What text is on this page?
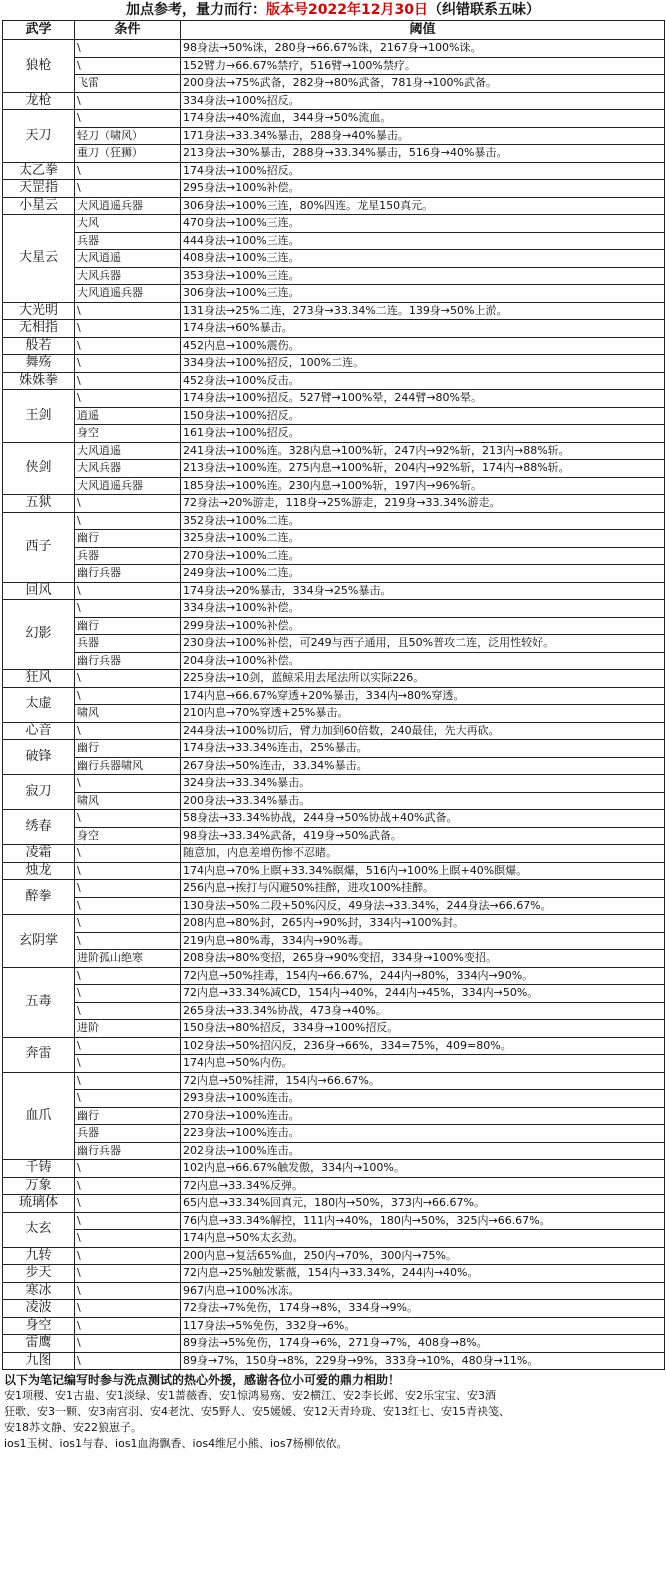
加点参考，量力而行：版本号2022年12月30日（纠错联系五味）
武学	条件	阈值
狼枪	\	98身法→50%诛，280身→66.67%诛，2167身→100%诛。
	\	152臂力→66.67%禁疗，516臂→100%禁疗。
	飞雷	200身法→75%武备，282身→80%武备，781身→100%武备。
龙枪	\	334身法→100%招反。
天刀	\	174身法→40%流血，344身→50%流血。
	轻刀（啸风）	171身法→33.34%暴击，288身→40%暴击。
	重刀（狂狮）	213身法→30%暴击，288身→33.34%暴击，516身→40%暴击。
太乙拳	\	174身法→100%招反。
天罡指	\	295身法→100%补偿。
小星云	大风逍遥兵器	306身法→100%三连，80%四连。龙星150真元。
大星云	大风	470身法→100%三连。
	兵器	444身法→100%三连。
	大风逍遥	408身法→100%三连。
	大风兵器	353身法→100%三连。
	大风逍遥兵器	306身法→100%三连。
大光明	\	131身法→25%二连，273身→33.34%二连。139身→50%上淤。
无相指	\	174身法→60%暴击。
般若	\	452内息→100%震伤。
舞殇	\	334身法→100%招反，100%二连。
姝姝拳	\	452身法→100%反击。
王剑	\	174身法→100%招反。527臂→100%晕，244臂→80%晕。
	逍遥	150身法→100%招反。
	身空	161身法→100%招反。
侠剑	大风逍遥	241身法→100%连。328内息→100%斩，247内→92%斩，213内→88%斩。
	大风兵器	213身法→100%连。275内息→100%斩，204内→92%斩，174内→88%斩。
	大风逍遥兵器	185身法→100%连。230内息→100%斩，197内→96%斩。
五狱	\	72身法→20%游走，118身→25%游走，219身→33.34%游走。
西子	\	352身法→100%二连。
	幽行	325身法→100%二连。
	兵器	270身法→100%二连。
	幽行兵器	249身法→100%二连。
回风	\	174身法→20%暴击，334身→25%暴击。
幻影	\	334身法→100%补偿。
	幽行	299身法→100%补偿。
	兵器	230身法→100%补偿，可249与西子通用，且50%普攻二连，泛用性较好。
	幽行兵器	204身法→100%补偿。
狂风	\	225身法→10剑，蓝鲸采用去尾法所以实际226。
太虚	\	174内息→66.67%穿透+20%暴击，334内→80%穿透。
	啸风	210内息→70%穿透+25%暴击。
心音	\	244身法→100%切后，臂力加到60倍数，240最佳，先大再砍。
破锋	幽行	174身法→33.34%连击，25%暴击。
	幽行兵器啸风	267身法→50%连击，33.34%暴击。
寂刀	\	324身法→33.34%暴击。
	啸风	200身法→33.34%暴击。
绣春	\	58身法→33.34%协战，244身→50%协战+40%武备。
	身空	98身法→33.34%武备，419身→50%武备。
凌霜	\	随意加，内息差增伤惨不忍睹。
烛龙	\	174内息→70%上瞑+33.34%瞑爆，516内→100%上瞑+40%瞑爆。
醉拳	\	256内息→挨打与闪避50%挂醉，进攻100%挂醉。
	\	130身法→50%二段+50%闪反，49身法→33.34%，244身法→66.67%。
玄阴掌	\	208内息→80%封，265内→90%封，334内→100%封。
	\	219内息→80%毒，334内→90%毒。
	进阶孤山绝寒	208身法→80%变招，265身→90%变招，334身→100%变招。
五毒	\	72内息→50%挂毒，154内→66.67%，244内→80%，334内→90%。
	\	72内息→33.34%减CD，154内→40%，244内→45%，334内→50%。
	\	265身法→33.34%协战，473身→40%。
	进阶	150身法→80%招反，334身→100%招反。
奔雷	\	102身法→50%招闪反，236身→66%，334=75%，409=80%。
	\	174内息→50%内伤。
血爪	\	72内息→50%挂滞，154内→66.67%。
	\	293身法→100%连击。
	幽行	270身法→100%连击。
	兵器	223身法→100%连击。
	幽行兵器	202身法→100%连击。
千铸	\	102内息→66.67%触发傲，334内→100%。
万象	\	72内息→33.34%反弹。
琉璃体	\	65内息→33.34%回真元，180内→50%，373内→66.67%。
太玄	\	76内息→33.34%解控，111内→40%，180内→50%，325内→66.67%。
	\	174内息→50%太玄劲。
九转	\	200内息→复活65%血，250内→70%，300内→75%。
步天	\	72内息→25%触发紫薇，154内→33.34%，244内→40%。
寒冰	\	967内息→100%冰冻。
凌波	\	72身法→7%免伤，174身→8%，334身→9%。
身空	\	117身法→5%免伤，332身→6%。
雷鹰	\	89身法→5%免伤，174身→6%，271身→7%，408身→8%。
九图	\	89身→7%，150身→8%，229身→9%，333身→10%，480身→11%。
以下为笔记编写时参与洗点测试的热心外援，感谢各位小可爱的鼎力相助！
安1项稷、安1古蛊、安1淡绿、安1蔷薇香、安1惊鸿易殇、安2横江、安2李长邺、安2乐宝宝、安3酒
狂歌、安3一颗、安3南宫羽、安4老沈、安5野人、安5媛媛、安12天青玲珑、安13红七、安15青袂笺、
安18苏文静、安22狼崽子。
ios1玉树、ios1与春、ios1血海飘香、ios4维尼小熊、ios7杨柳依依。
